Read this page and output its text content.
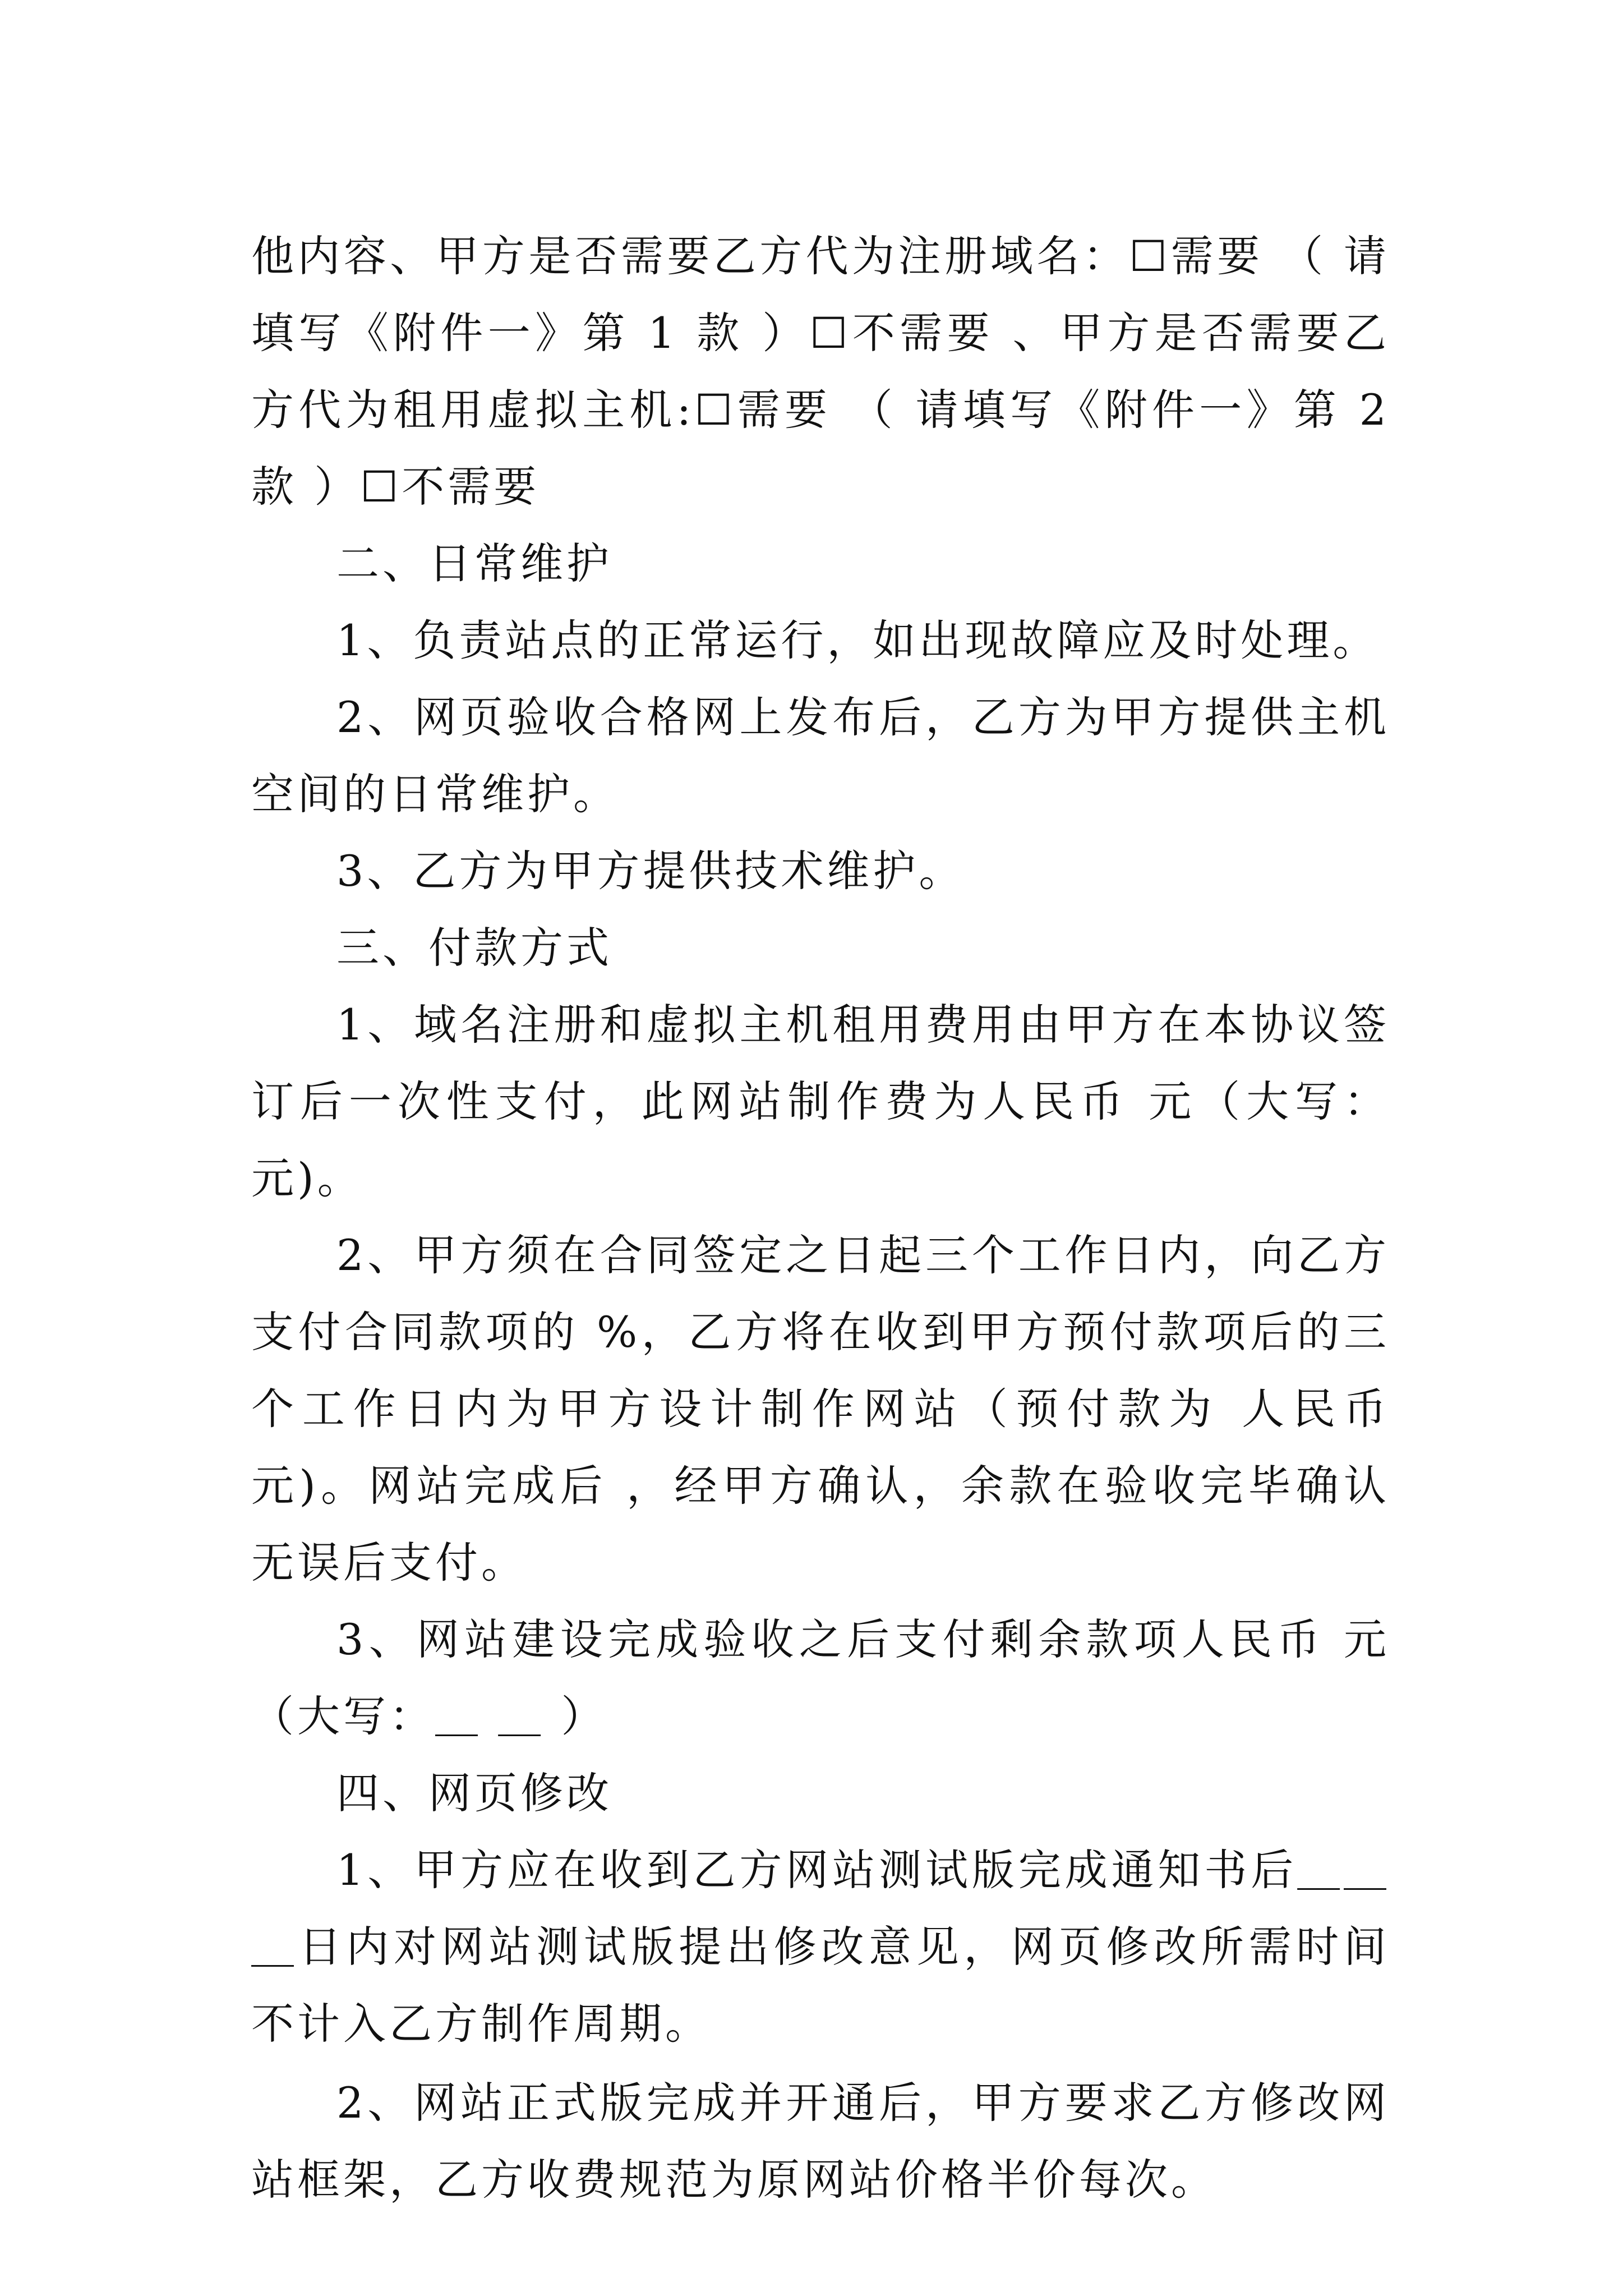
他内容、甲方是否需要乙方代为注册域名：☐需要 （ 请填写《附件一》第 1 款 ）☐不需要 、甲方是否需要乙方代为租用虚拟主机:☐需要 （ 请填写《附件一》第 2 款 ）☐不需要

二、日常维护

1、负责站点的正常运行，如出现故障应及时处理。

2、网页验收合格网上发布后，乙方为甲方提供主机空间的日常维护。

3、乙方为甲方提供技术维护。

三、付款方式

1、域名注册和虚拟主机租用费用由甲方在本协议签订后一次性支付，此网站制作费为人民币 元（大写：元)。

2、甲方须在合同签定之日起三个工作日内，向乙方支付合同款项的 %，乙方将在收到甲方预付款项后的三个工作日内为甲方设计制作网站（预付款为 人民币 元)。网站完成后 ，经甲方确认，余款在验收完毕确认无误后支付。

3、网站建设完成验收之后支付剩余款项人民币 元（大写：＿ ＿ ）

四、网页修改

1、甲方应在收到乙方网站测试版完成通知书后＿＿＿日内对网站测试版提出修改意见，网页修改所需时间不计入乙方制作周期。

2、网站正式版完成并开通后，甲方要求乙方修改网站框架，乙方收费规范为原网站价格半价每次。
